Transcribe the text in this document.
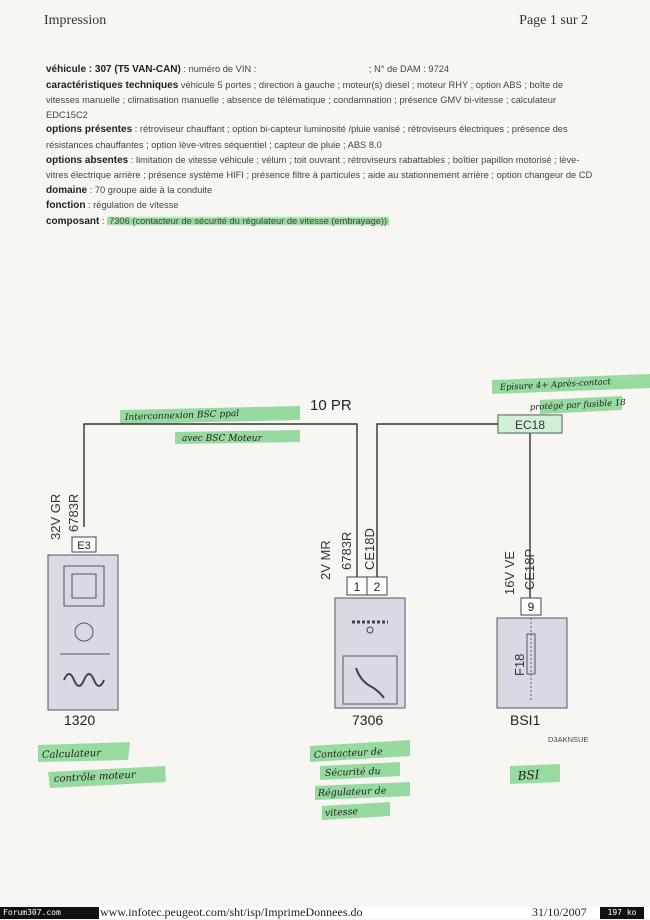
Impression	Page 1 sur 2

véhicule : 307 (T5 VAN-CAN) : numéro de VIN :	; N° de DAM : 9724

caractéristiques techniques véhicule 5 portes ; direction à gauche ; moteur(s) diesel ; moteur RHY ; option ABS ; boîte de vitesses manuelle ; climatisation manuelle ; absence de télématique ; condamnation ; présence GMV bi-vitesse ; calculateur EDC15C2

options présentes : rétroviseur chauffant ; option bi-capteur luminosité /pluie vanisé ; rétroviseurs électriques ; présence des résistances chauffantes ; option lève-vitres séquentiel ; capteur de pluie ; ABS 8.0

options absentes : limitation de vitesse véhicule ; vélum ; toit ouvrant ; rétroviseurs rabattables ; boîtier papillon motorisé ; lève-vitres électrique arrière ; présence système HIFI ; présence filtre à particules ; aide au stationnement arrière ; option changeur de CD

domaine : 70 groupe aide à la conduite

fonction : régulation de vitesse

composant : 7306 (contacteur de sécurité du régulateur de vitesse (embrayage))

EC18
10 PR
32V GR 6783R
E3
1320
2V MR 6783R CE18D
1 2
7306
16V VE CE18P
9
F18
BSI1
D3AKNSUE
Interconnexion BSC ppal
avec BSC Moteur
Episure 4+ Après-contact
protégé par fusible 18
Calculateur
contrôle moteur
Contacteur de
Sécurité du
Régulateur de
vitesse
BSI
Forum307.com	www.infotec.peugeot.com/sht/isp/ImprimeDonnees.do	31/10/2007	197 ko
